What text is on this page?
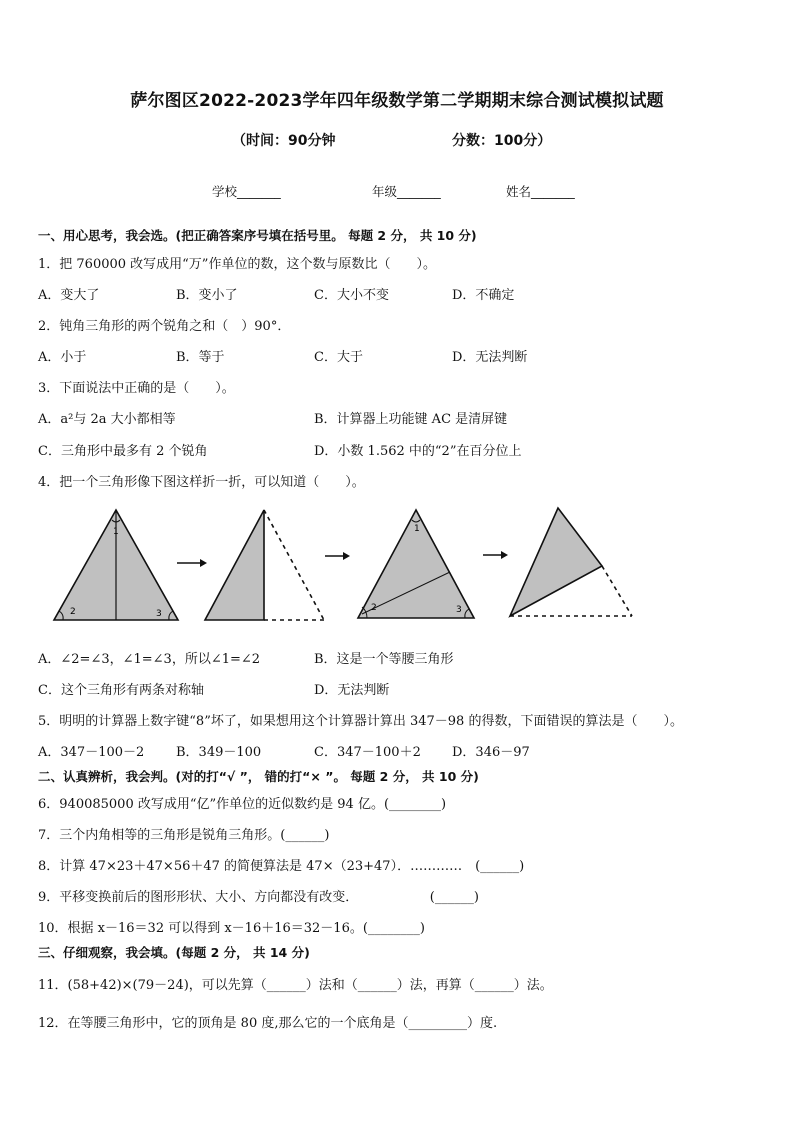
萨尔图区2022-2023学年四年级数学第二学期期末综合测试模拟试题
（时间：90分钟	分数：100分）
学校_______	年级_______	姓名_______
一、用心思考，我会选。(把正确答案序号填在括号里。 每题 2 分， 共 10 分)
1．把 760000 改写成用“万”作单位的数，这个数与原数比（　　）。
A．变大了	B．变小了	C．大小不变	D．不确定
2．钝角三角形的两个锐角之和（　）90°．
A．小于	B．等于	C．大于	D．无法判断
3．下面说法中正确的是（　　）。
A．a²与 2a 大小都相等	B．计算器上功能键 AC 是清屏键
C．三角形中最多有 2 个锐角	D．小数 1.562 中的“2”在百分位上
4．把一个三角形像下图这样折一折，可以知道（　　）。
1
2	3
1
2	3
A．∠2=∠3，∠1=∠3，所以∠1=∠2	B．这是一个等腰三角形
C．这个三角形有两条对称轴	D．无法判断
5．明明的计算器上数字键“8”坏了，如果想用这个计算器计算出 347－98 的得数，下面错误的算法是（　　）。
A．347－100－2 B．349－100	C．347－100＋2 D．346－97
二、认真辨析，我会判。(对的打“√ ”， 错的打“× ”。 每题 2 分， 共 10 分)
6．940085000 改写成用“亿”作单位的近似数约是 94 亿。(________)
7．三个内角相等的三角形是锐角三角形。(______)
8．计算 47×23＋47×56＋47 的简便算法是 47×（23+47）．…………　(______)
9．平移变换前后的图形形状、大小、方向都没有改变．　　　　　　(______)
10．根据 x－16＝32 可以得到 x－16＋16＝32－16。(________)
三、仔细观察，我会填。(每题 2 分， 共 14 分)
11．(58+42)×(79－24)，可以先算（______）法和（______）法，再算（______）法。
12．在等腰三角形中，它的顶角是 80 度,那么它的一个底角是（_________）度.
